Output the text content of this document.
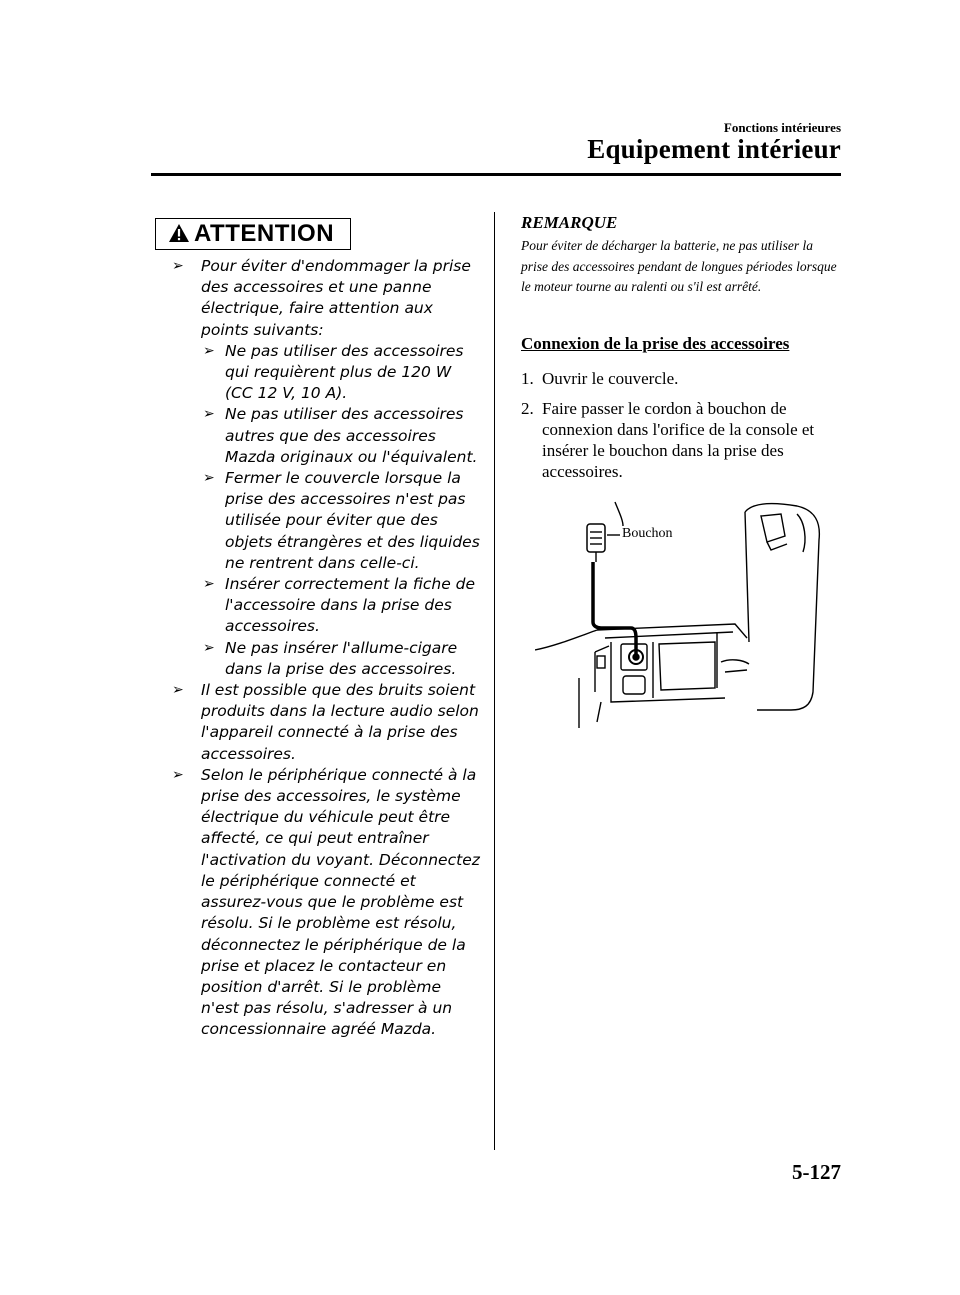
Fonctions intérieures
Equipement intérieur
ATTENTION
➢ Pour éviter d'endommager la prise des accessoires et une panne électrique, faire attention aux points suivants:
➢ Ne pas utiliser des accessoires qui requièrent plus de 120 W (CC 12 V, 10 A).
➢ Ne pas utiliser des accessoires autres que des accessoires Mazda originaux ou l'équivalent.
➢ Fermer le couvercle lorsque la prise des accessoires n'est pas utilisée pour éviter que des objets étrangères et des liquides ne rentrent dans celle-ci.
➢ Insérer correctement la fiche de l'accessoire dans la prise des accessoires.
➢ Ne pas insérer l'allume-cigare dans la prise des accessoires.
➢ Il est possible que des bruits soient produits dans la lecture audio selon l'appareil connecté à la prise des accessoires.
➢ Selon le périphérique connecté à la prise des accessoires, le système électrique du véhicule peut être affecté, ce qui peut entraîner l'activation du voyant. Déconnectez le périphérique connecté et assurez-vous que le problème est résolu. Si le problème est résolu, déconnectez le périphérique de la prise et placez le contacteur en position d'arrêt. Si le problème n'est pas résolu, s'adresser à un concessionnaire agréé Mazda.
REMARQUE
Pour éviter de décharger la batterie, ne pas utiliser la prise des accessoires pendant de longues périodes lorsque le moteur tourne au ralenti ou s'il est arrêté.
Connexion de la prise des accessoires
1. Ouvrir le couvercle.
2. Faire passer le cordon à bouchon de connexion dans l'orifice de la console et insérer le bouchon dans la prise des accessoires.
Bouchon
5-127
